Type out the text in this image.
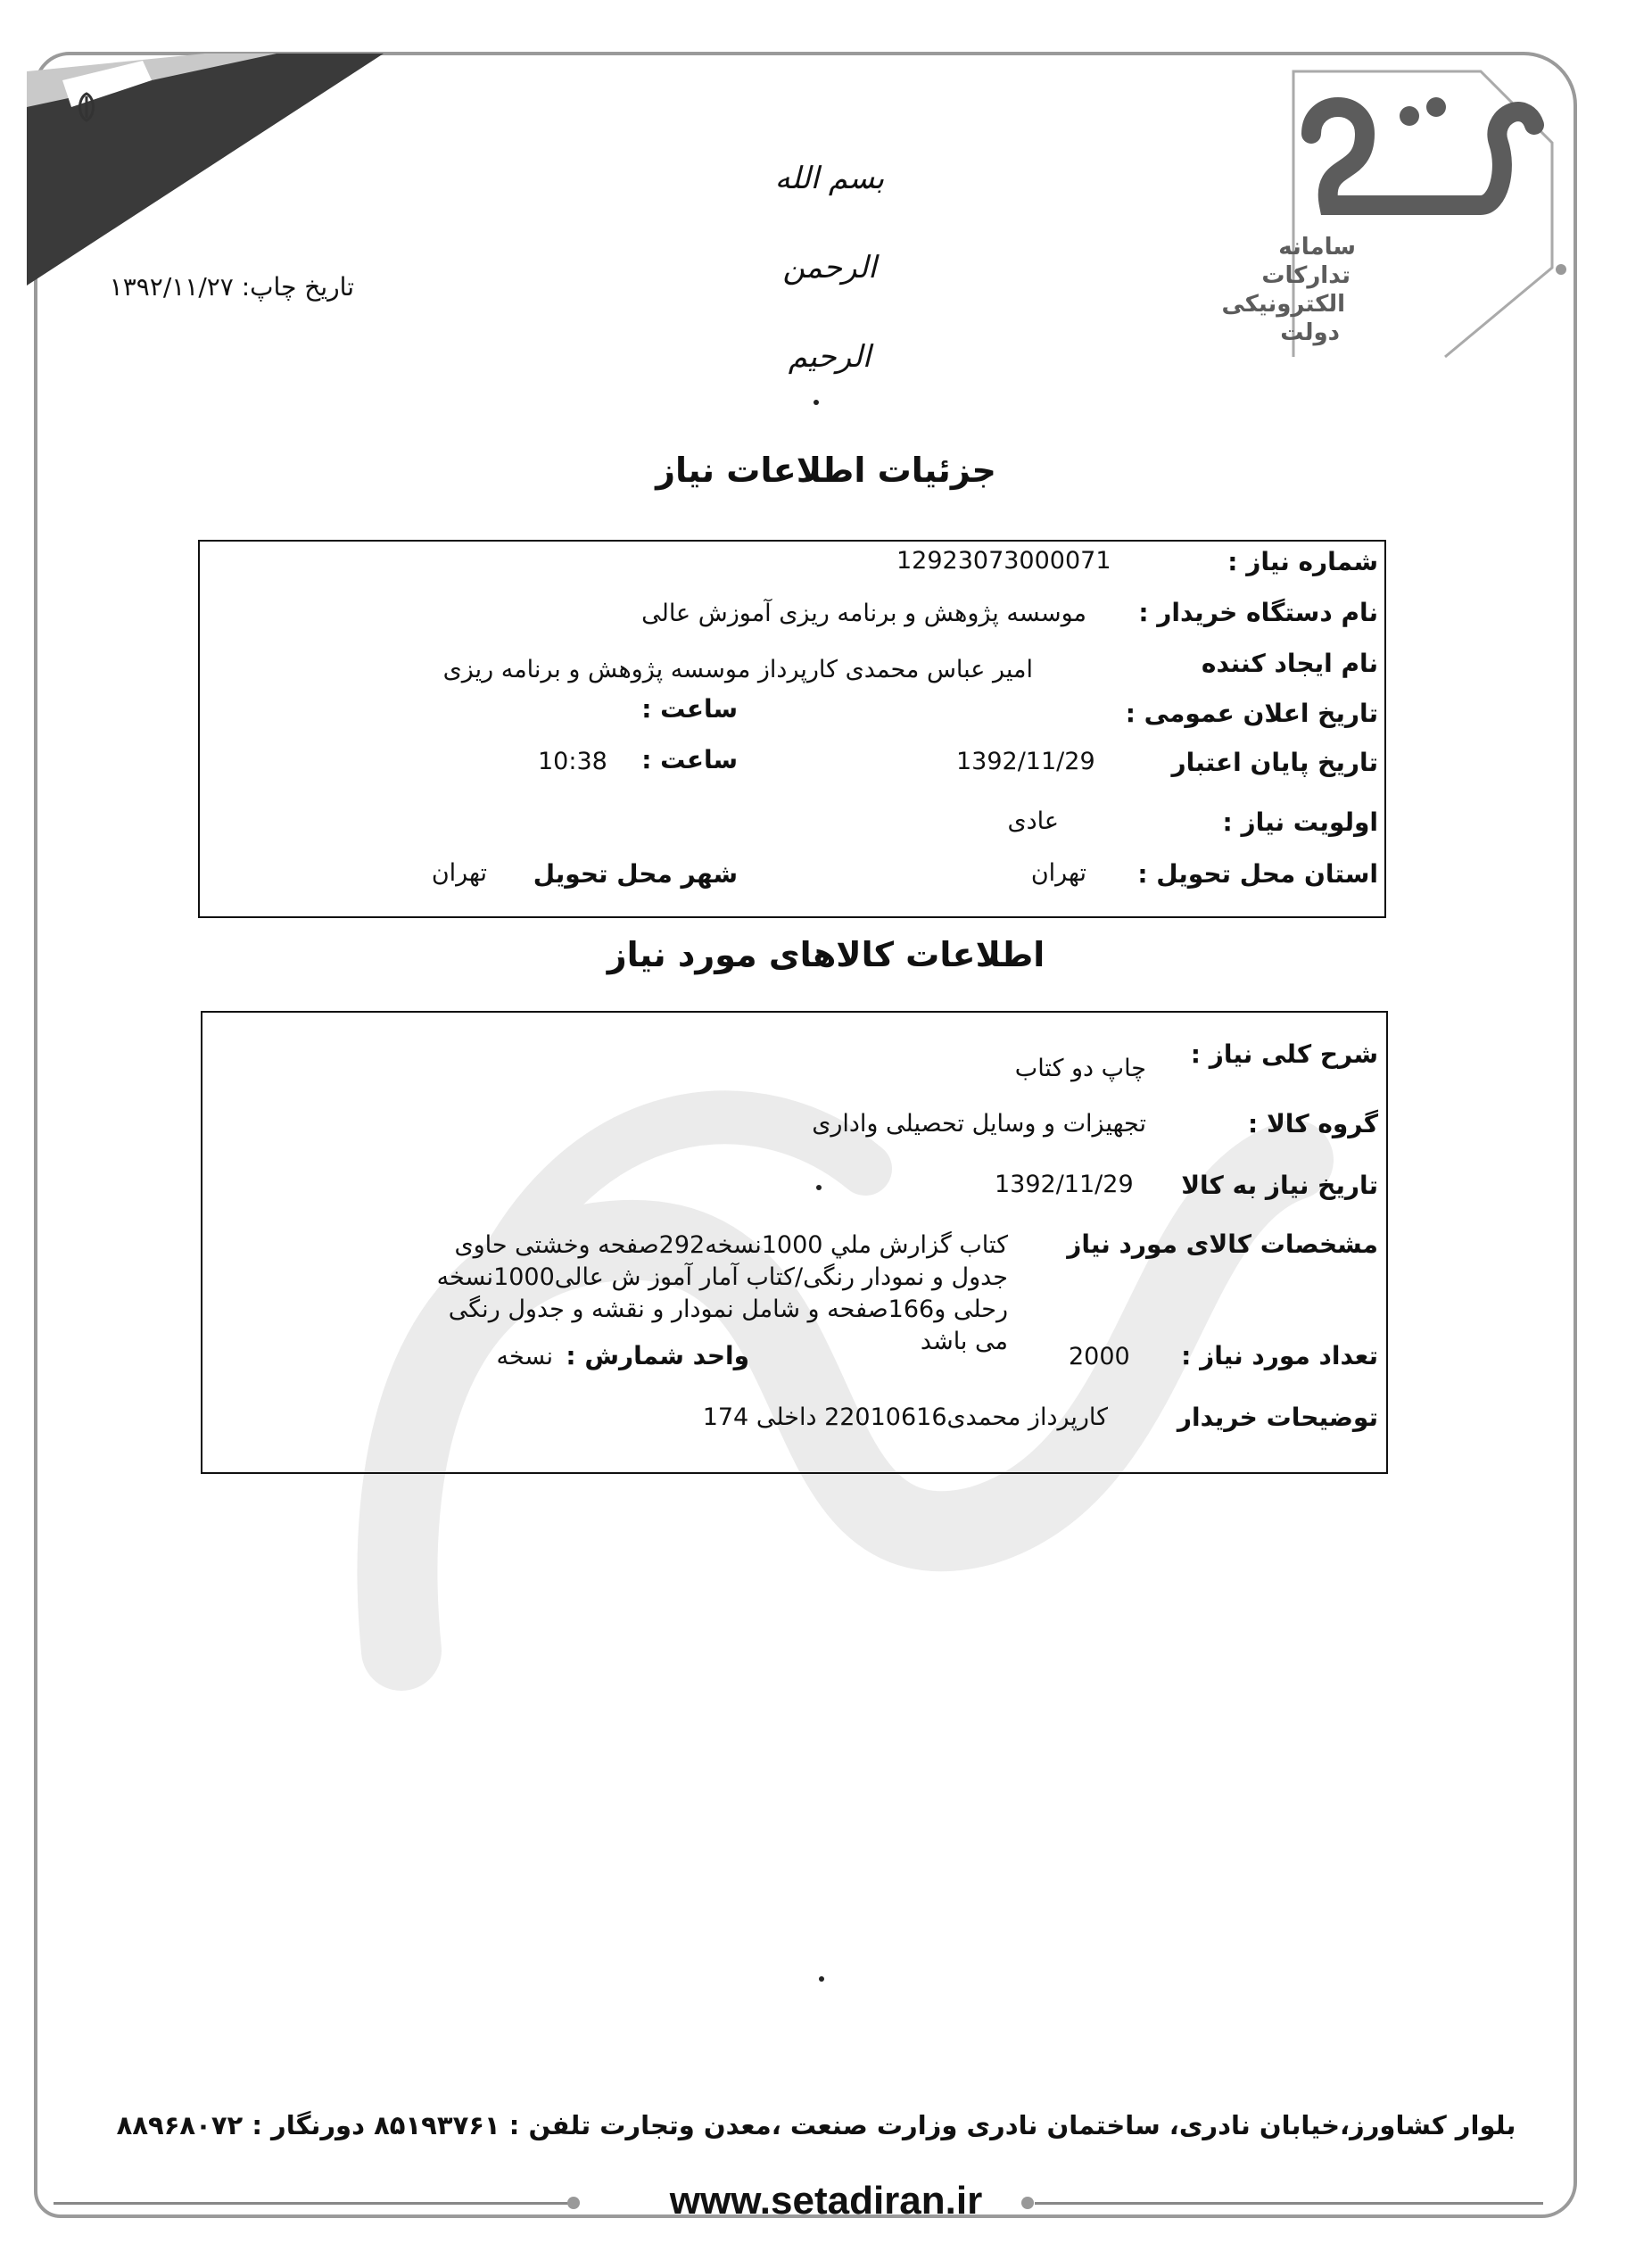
سامانه
تدارکات
الکترونیکی
دولت
بسم الله الرحمن الرحیم
تاریخ چاپ: ۱۳۹۲/۱۱/۲۷
جزئیات اطلاعات نیاز
شماره نیاز :
12923073000071
نام دستگاه خریدار :
موسسه پژوهش و برنامه ریزی آموزش عالی
نام ایجاد کننده
امیر عباس محمدی کارپرداز موسسه پژوهش و برنامه ریزی
تاریخ اعلان عمومی :
ساعت :
تاریخ پایان اعتبار
1392/11/29
ساعت :
10:38
اولویت نیاز :
عادی
استان محل تحویل :
تهران
شهر محل تحویل
تهران
اطلاعات کالاهای مورد نیاز
شرح کلی نیاز :
چاپ دو کتاب
گروه کالا :
تجهیزات و وسایل تحصیلی واداری
تاریخ نیاز به کالا
1392/11/29
مشخصات کالای مورد نیاز
کتاب گزارش ملي 1000نسخه292صفحه وخشتی حاوی جدول و نمودار رنگی/کتاب آمار آموز ش عالی1000نسخه رحلی و166صفحه و شامل نمودار و نقشه و جدول رنگی می باشد	تعداد مورد نیاز :
2000
واحد شمارش :
نسخه
توضیحات خریدار
کارپرداز محمدی22010616 داخلی 174
بلوار کشاورز،خیابان نادری، ساختمان نادری وزارت صنعت ،معدن وتجارت تلفن : ۸۵۱۹۳۷۶۱ دورنگار : ۸۸۹۶۸۰۷۲
www.setadiran.ir
